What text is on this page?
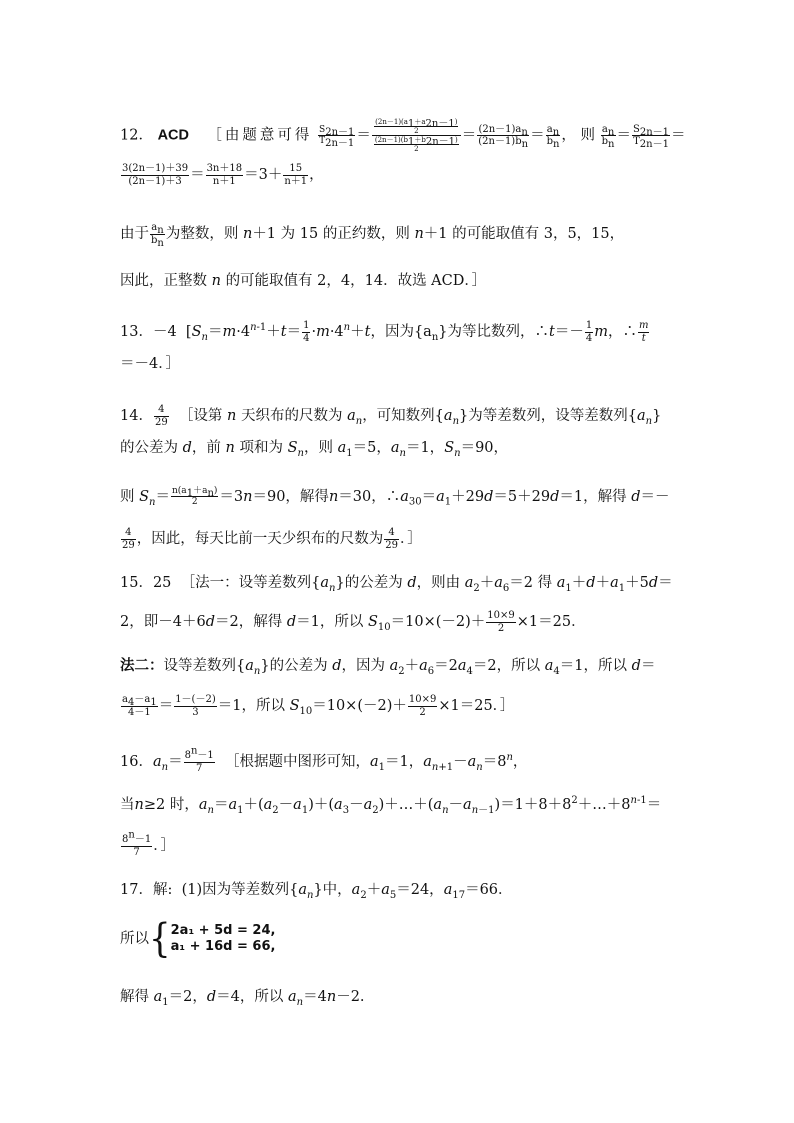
12． ACD ［由题意可得 $\frac{S_{2n-1}}{T_{2n-1}} = \frac{\frac{(2n-1)(a_1+a_{2n-1})}{2}}{\frac{(2n-1)(b_1+b_{2n-1})}{2}} = \frac{(2n-1)a_n}{(2n-1)b_n} = \frac{a_n}{b_n}$ ， 则 $\frac{a_n}{b_n} = \frac{S_{2n-1}}{T_{2n-1}}$ ＝
$\frac{3(2n-1)+39}{(2n-1)+3} = \frac{3n+18}{n+1} =3+ \frac{15}{n+1}$ ，
由于 $\frac{a_n}{b_n}$ 为整数，则 n＋1 为 15 的正约数，则 n＋1 的可能取值有 3，5，15，
因此，正整数 n 的可能取值有 2，4，14．故选 ACD．］
13．－4  [$S_n=m\cdot 4^{n-1}+t= \frac{1}{4} \cdot m\cdot 4^n+t$，因为$\{a_n\}$为等比数列，∴t＝－ $\frac{1}{4}$ m，∴ $\frac{m}{t}$
＝－4．］
14． $\frac{4}{29}$ ［设第 n 天织布的尺数为 $a_n$，可知数列$\{a_n\}$为等差数列，设等差数列$\{a_n\}$
的公差为 d，前 n 项和为 $S_n$，则 $a_1=5$，$a_n=1$，$S_n=90$，
则 $S_n= \frac{n(a_1+a_n)}{2} =3n=90$，解得n＝30，$\therefore a_{30}=a_1+29d=5+29d=1$，解得 d＝－
$\frac{4}{29}$ ，因此，每天比前一天少织布的尺数为 $\frac{4}{29}$ ．］
15．25 ［法一：设等差数列$\{a_n\}$的公差为 d，则由 $a_2+a_6=2$ 得 $a_1+d+a_1+5d=$
2，即－4＋6d＝2，解得 d＝1，所以 $S_{10}=10\times(-2)+ \frac{10\times 9}{2} \times 1=25$．
法二：设等差数列$\{a_n\}$的公差为 d，因为 $a_2+a_6=2a_4=2$，所以 $a_4=1$，所以 d＝
$\frac{a_4-a_1}{4-1} = \frac{1-(-2)}{3} =1$，所以 $S_{10}=10\times(-2)+ \frac{10\times 9}{2} \times 1=25$．］
16．$a_n= \frac{8^n-1}{7}$ ［根据题中图形可知，$a_1=1$，$a_{n+1}-a_n=8^n$，
当n≥2 时，$a_n=a_1+(a_2-a_1)+(a_3-a_2)+\dots+(a_n-a_{n-1})=1+8+8^2+\dots+8^{n-1}=$
$\frac{8^n-1}{7}$ ．］
17．解: (1)因为等差数列$\{a_n\}$中，$a_2+a_5=24$，$a_{17}=66$．
所以{ 2a₁ + 5d = 24,
a₁ + 16d = 66,
解得 $a_1=2$，d＝4，所以 $a_n=4n-2$.
